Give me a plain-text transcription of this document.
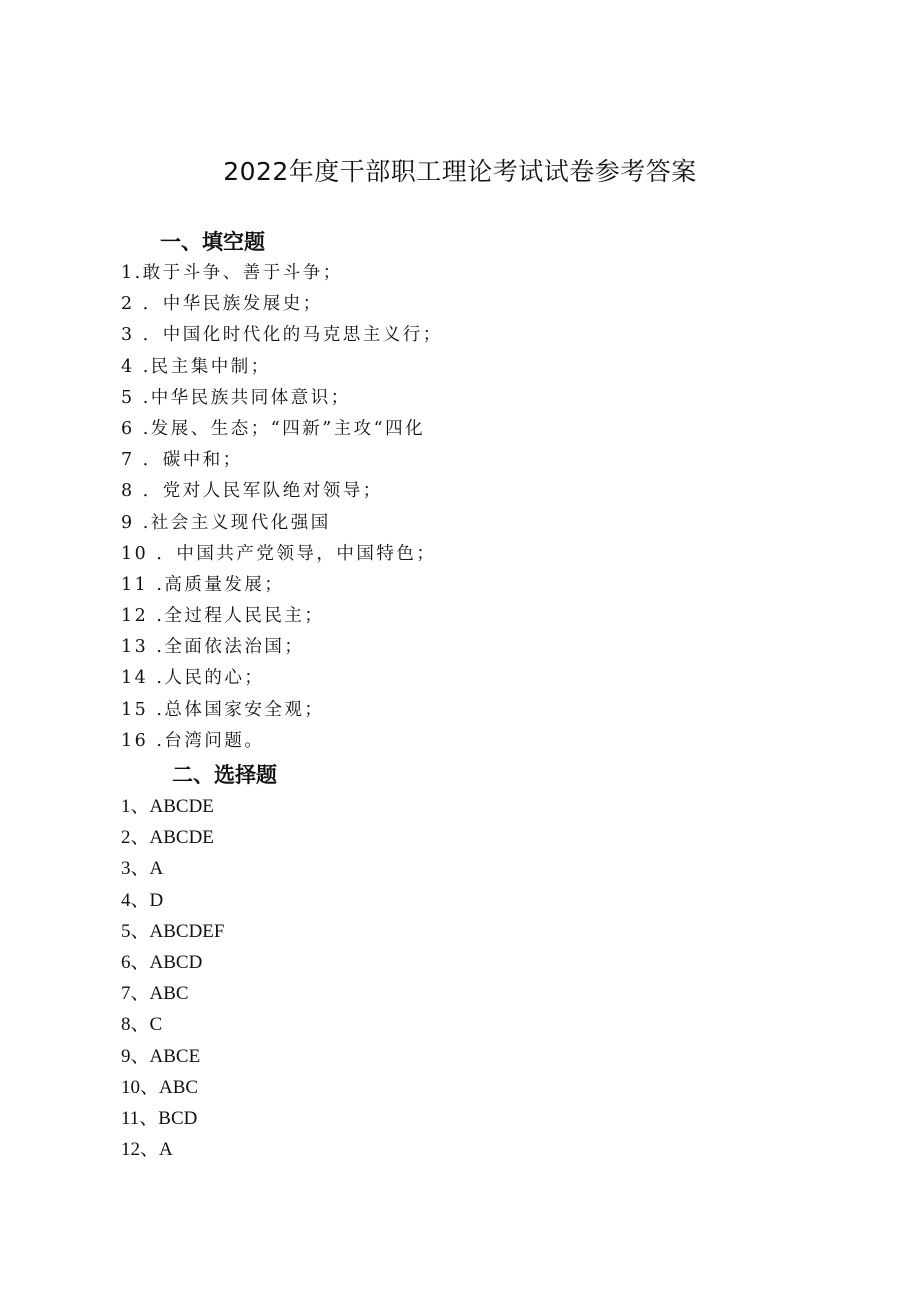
2022年度干部职工理论考试试卷参考答案
一、填空题
1.敢于斗争、善于斗争；
2 ．中华民族发展史；
3 ．中国化时代化的马克思主义行；
4 .民主集中制；
5 .中华民族共同体意识；
6 .发展、生态；“四新”主攻“四化
7 ．碳中和；
8 ．党对人民军队绝对领导；
9 .社会主义现代化强国
10 ．中国共产党领导，中国特色；
11 .高质量发展；
12 .全过程人民民主；
13 .全面依法治国；
14 .人民的心；
15 .总体国家安全观；
16 .台湾问题。
二、选择题
1、ABCDE
2、ABCDE
3、A
4、D
5、ABCDEF
6、ABCD
7、ABC
8、C
9、ABCE
10、ABC
11、BCD
12、A
